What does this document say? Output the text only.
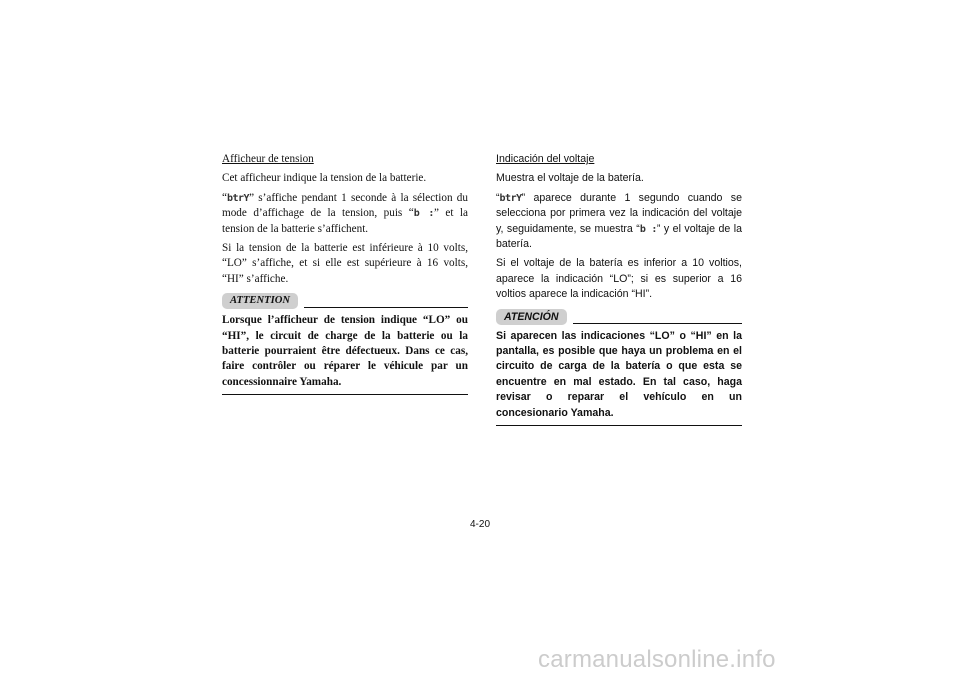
Afficheur de tension

Cet afficheur indique la tension de la batterie.

“btrY” s’affiche pendant 1 seconde à la sélection du mode d’affichage de la tension, puis “b :” et la tension de la batterie s’affichent.

Si la tension de la batterie est inférieure à 10 volts, “LO” s’affiche, et si elle est supérieure à 16 volts, “HI” s’affiche.

ATTENTION
Lorsque l’afficheur de tension indique “LO” ou “HI”, le circuit de charge de la batterie ou la batterie pourraient être défectueux. Dans ce cas, faire contrôler ou réparer le véhicule par un concessionnaire Yamaha.
Indicación del voltaje

Muestra el voltaje de la batería.

“btrY” aparece durante 1 segundo cuando se selecciona por primera vez la indicación del voltaje y, seguidamente, se muestra “b :” y el voltaje de la batería.

Si el voltaje de la batería es inferior a 10 voltios, aparece la indicación “LO”; si es superior a 16 voltios aparece la indicación “HI”.

ATENCIÓN
Si aparecen las indicaciones “LO” o “HI” en la pantalla, es posible que haya un problema en el circuito de carga de la batería o que esta se encuentre en mal estado. En tal caso, haga revisar o reparar el vehículo en un concesionario Yamaha.
4-20
carmanualsonline.info
